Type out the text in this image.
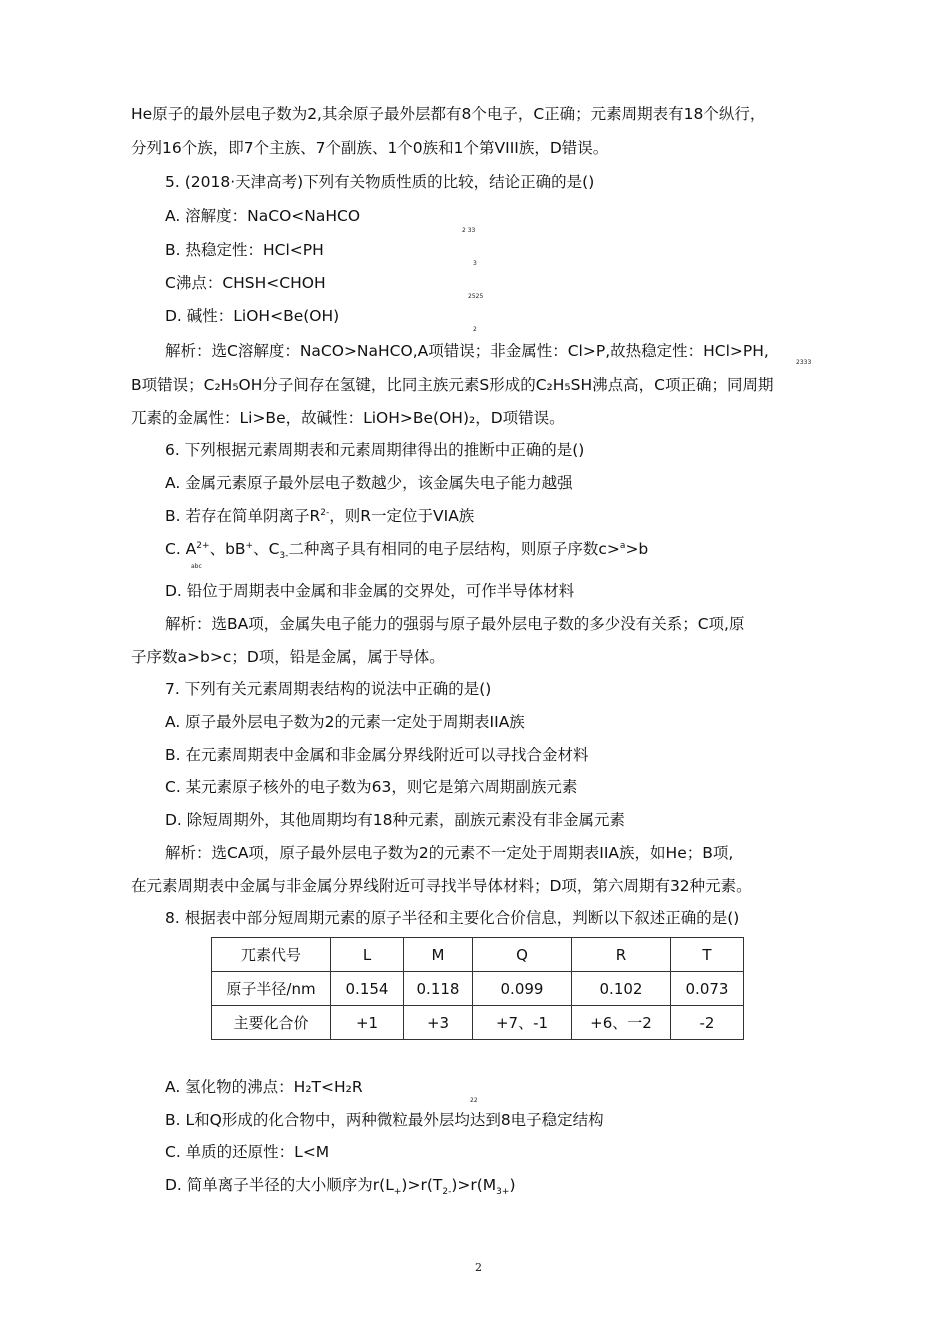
He原子的最外层电子数为2,其余原子最外层都有8个电子，C正确；元素周期表有18个纵行，
分列16个族，即7个主族、7个副族、1个0族和1个第VIII族，D错误。
5. (2018·天津高考)下列有关物质性质的比较，结论正确的是()
A. 溶解度：NaCO<NaHCO
2 33
B. 热稳定性：HCl<PH
3
C沸点：CHSH<CHOH
2525
D. 碱性：LiOH<Be(OH)
2
解析：选C溶解度：NaCO>NaHCO,A项错误；非金属性：Cl>P,故热稳定性：HCl>PH,
2333
B项错误；C₂H₅OH分子间存在氢键，比同主族元素S形成的C₂H₅SH沸点高，C项正确；同周期
兀素的金属性：Li>Be，故碱性：LiOH>Be(OH)₂，D项错误。
6. 下列根据元素周期表和元素周期律得出的推断中正确的是()
A. 金属元素原子最外层电子数越少，该金属失电子能力越强
B. 若存在简单阴离子$R^{2-}$，则R一定位于VIA族
C. $A^{2+}$、bB+、$C_{3-}$二种离子具有相同的电子层结构，则原子序数c>$^a$>b
abc
D. 铅位于周期表中金属和非金属的交界处，可作半导体材料
解析：选BA项，金属失电子能力的强弱与原子最外层电子数的多少没有关系；C项,原
子序数a>b>c；D项，铅是金属，属于导体。
7. 下列有关元素周期表结构的说法中正确的是()
A. 原子最外层电子数为2的元素一定处于周期表IIA族
B. 在元素周期表中金属和非金属分界线附近可以寻找合金材料
C. 某元素原子核外的电子数为63，则它是第六周期副族元素
D. 除短周期外，其他周期均有18种元素，副族元素没有非金属元素
解析：选CA项，原子最外层电子数为2的元素不一定处于周期表IIA族，如He；B项,
在元素周期表中金属与非金属分界线附近可寻找半导体材料；D项，第六周期有32种元素。
8. 根据表中部分短周期元素的原子半径和主要化合价信息，判断以下叙述正确的是()
兀素代号	L	M	Q	R	T
原子半径/nm	0.154	0.118	0.099	0.102	0.073
主要化合价	+1	+3	+7、-1	+6、一2	-2
A. 氢化物的沸点：H₂T<H₂R
22
B. L和Q形成的化合物中，两种微粒最外层均达到8电子稳定结构
C. 单质的还原性：L<M
D. 简单离子半径的大小顺序为$r(L_+)>r(T_{2-})>r(M_{3+})$
2
